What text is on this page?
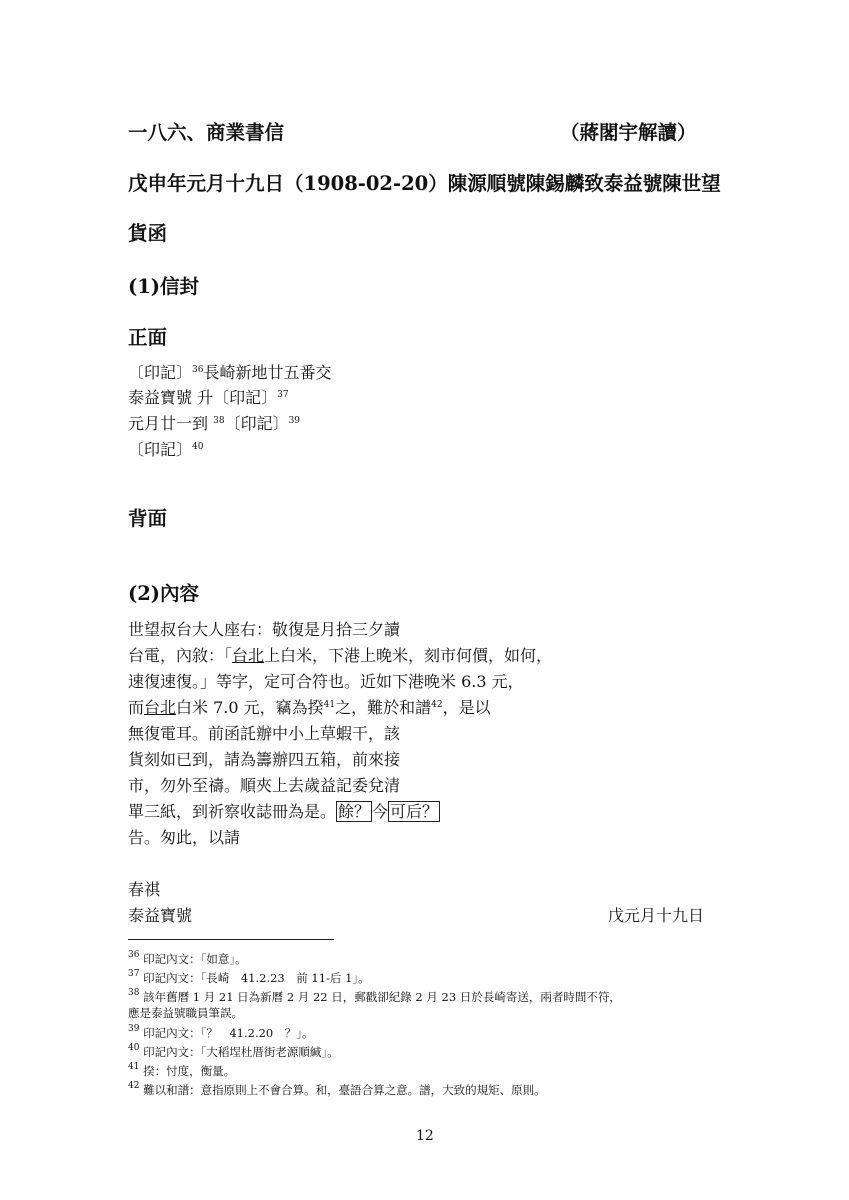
一八六、商業書信	（蔣閣宇解讀）
戊申年元月十九日（1908-02-20）陳源順號陳錫麟致泰益號陳世望
貨函
(1)信封
正面
〔印記〕$^{36}$長崎新地廿五番交
泰益寶號 升〔印記〕$^{37}$
元月廿一到 $^{38}$〔印記〕$^{39}$
〔印記〕$^{40}$
背面
(2)內容
世望叔台大人座右：敬復是月拾三夕讀
台電，內敘：「台北上白米，下港上晚米，刻市何價，如何，
速復速復。」等字，定可合符也。近如下港晚米 6.3 元，
而台北白米 7.0 元，竊為揆$^{41}$之，難於和譜$^{42}$，是以
無復電耳。前函託辦中小上草蝦干，該
貨刻如已到，請為籌辦四五箱，前來接
市，勿外至禱。順夾上去歲益記委兌清
單三紙，到祈察收誌冊為是。 餘？ 今 可后？
告。匆此，以請
春祺
泰益寶號	戊元月十九日
$^{36}$ 印記內文：「如意」。
$^{37}$ 印記內文：「長崎　41.2.23　前 11-后 1」。
$^{38}$ 該年舊曆 1 月 21 日為新曆 2 月 22 日，郵戳卻紀錄 2 月 23 日於長崎寄送，兩者時間不符，
應是泰益號職員筆誤。
$^{39}$ 印記內文：「？　41.2.20　？」。
$^{40}$ 印記內文：「大稻埕杜厝街老源順緘」。
$^{41}$ 揆：忖度，衡量。
$^{42}$ 難以和譜：意指原則上不會合算。和，臺語合算之意。譜，大致的規矩、原則。
12
